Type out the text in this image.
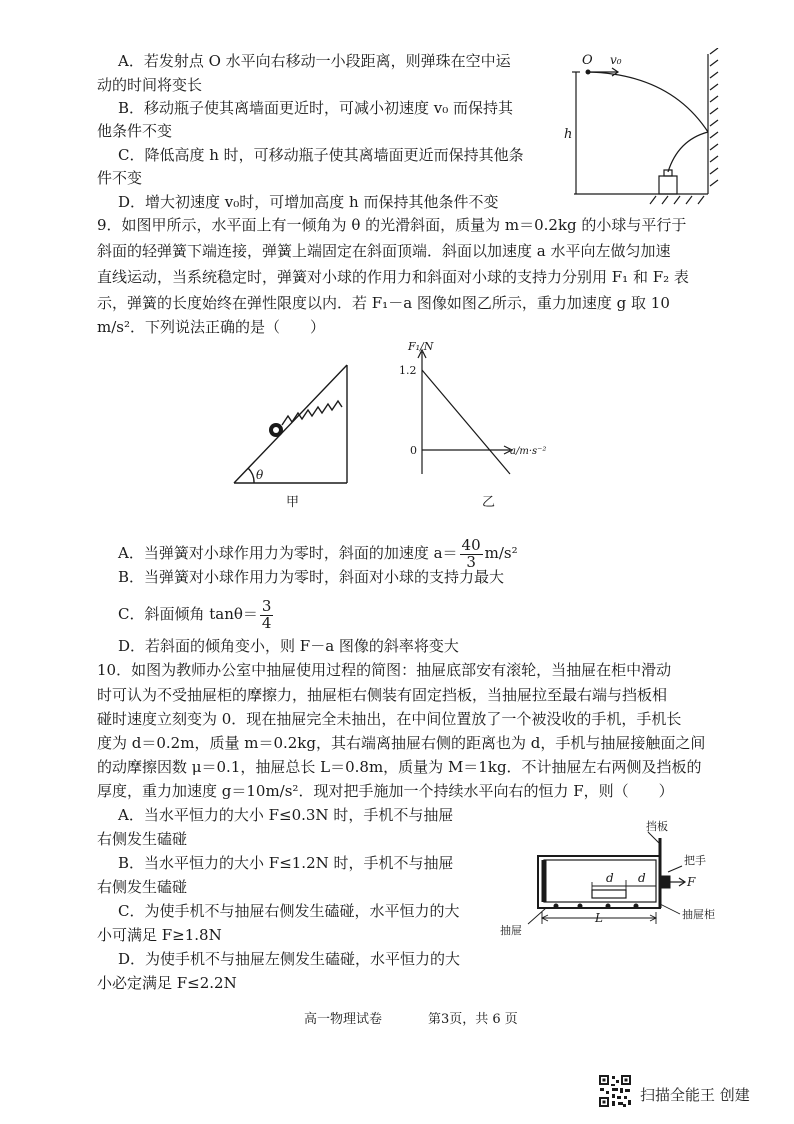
A．若发射点 O 水平向右移动一小段距离，则弹珠在空中运
动的时间将变长
B．移动瓶子使其离墙面更近时，可减小初速度 v₀ 而保持其
他条件不变
C．降低高度 h 时，可移动瓶子使其离墙面更近而保持其他条
件不变
D．增大初速度 v₀时，可增加高度 h 而保持其他条件不变
O v₀
h
9．如图甲所示，水平面上有一倾角为 θ 的光滑斜面，质量为 m＝0.2kg 的小球与平行于
斜面的轻弹簧下端连接，弹簧上端固定在斜面顶端．斜面以加速度 a 水平向左做匀加速
直线运动，当系统稳定时，弹簧对小球的作用力和斜面对小球的支持力分别用 F₁ 和 F₂ 表
示，弹簧的长度始终在弹性限度以内．若 F₁－a 图像如图乙所示，重力加速度 g 取 10
m/s²．下列说法正确的是（　　）
θ
甲
F₁/N
1.2
0	a/m·s⁻²
乙
A．当弹簧对小球作用力为零时，斜面的加速度 $a= \frac{40}{3} m/s^2$
B．当弹簧对小球作用力为零时，斜面对小球的支持力最大
C．斜面倾角 $\tan\theta= \frac{3}{4}$
D．若斜面的倾角变小，则 F－a 图像的斜率将变大
10．如图为教师办公室中抽屉使用过程的简图：抽屉底部安有滚轮，当抽屉在柜中滑动
时可认为不受抽屉柜的摩擦力，抽屉柜右侧装有固定挡板，当抽屉拉至最右端与挡板相
碰时速度立刻变为 0．现在抽屉完全未抽出，在中间位置放了一个被没收的手机，手机长
度为 d＝0.2m，质量 m＝0.2kg，其右端离抽屉右侧的距离也为 d，手机与抽屉接触面之间
的动摩擦因数 μ＝0.1，抽屉总长 L＝0.8m，质量为 M＝1kg．不计抽屉左右两侧及挡板的
厚度，重力加速度 g＝10m/s²．现对把手施加一个持续水平向右的恒力 F，则（　　）
A．当水平恒力的大小 F≤0.3N 时，手机不与抽屉
右侧发生磕碰
B．当水平恒力的大小 F≤1.2N 时，手机不与抽屉
右侧发生磕碰
C．为使手机不与抽屉右侧发生磕碰，水平恒力的大
小可满足 F≥1.8N
D．为使手机不与抽屉左侧发生磕碰，水平恒力的大
小必定满足 F≤2.2N
挡板
把手
F
d d
L
抽屉
抽屉柜
高一物理试卷	第3页，共 6 页
扫描全能王 创建
